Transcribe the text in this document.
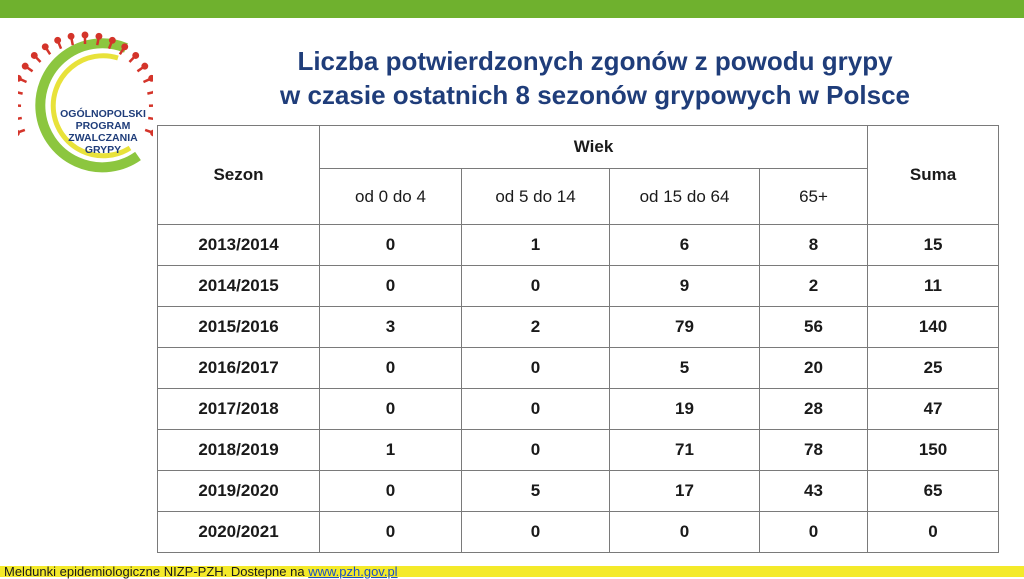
OGÓLNOPOLSKI
PROGRAM
ZWALCZANIA
GRYPY
Liczba potwierdzonych zgonów z powodu grypy
w czasie ostatnich 8 sezonów grypowych w Polsce
Sezon	Wiek				Suma
	od 0 do 4	od 5 do 14	od 15 do 64	65+	
2013/2014	0	1	6	8	15
2014/2015	0	0	9	2	11
2015/2016	3	2	79	56	140
2016/2017	0	0	5	20	25
2017/2018	0	0	19	28	47
2018/2019	1	0	71	78	150
2019/2020	0	5	17	43	65
2020/2021	0	0	0	0	0
Meldunki epidemiologiczne NIZP-PZH. Dostepne na www.pzh.gov.pl
